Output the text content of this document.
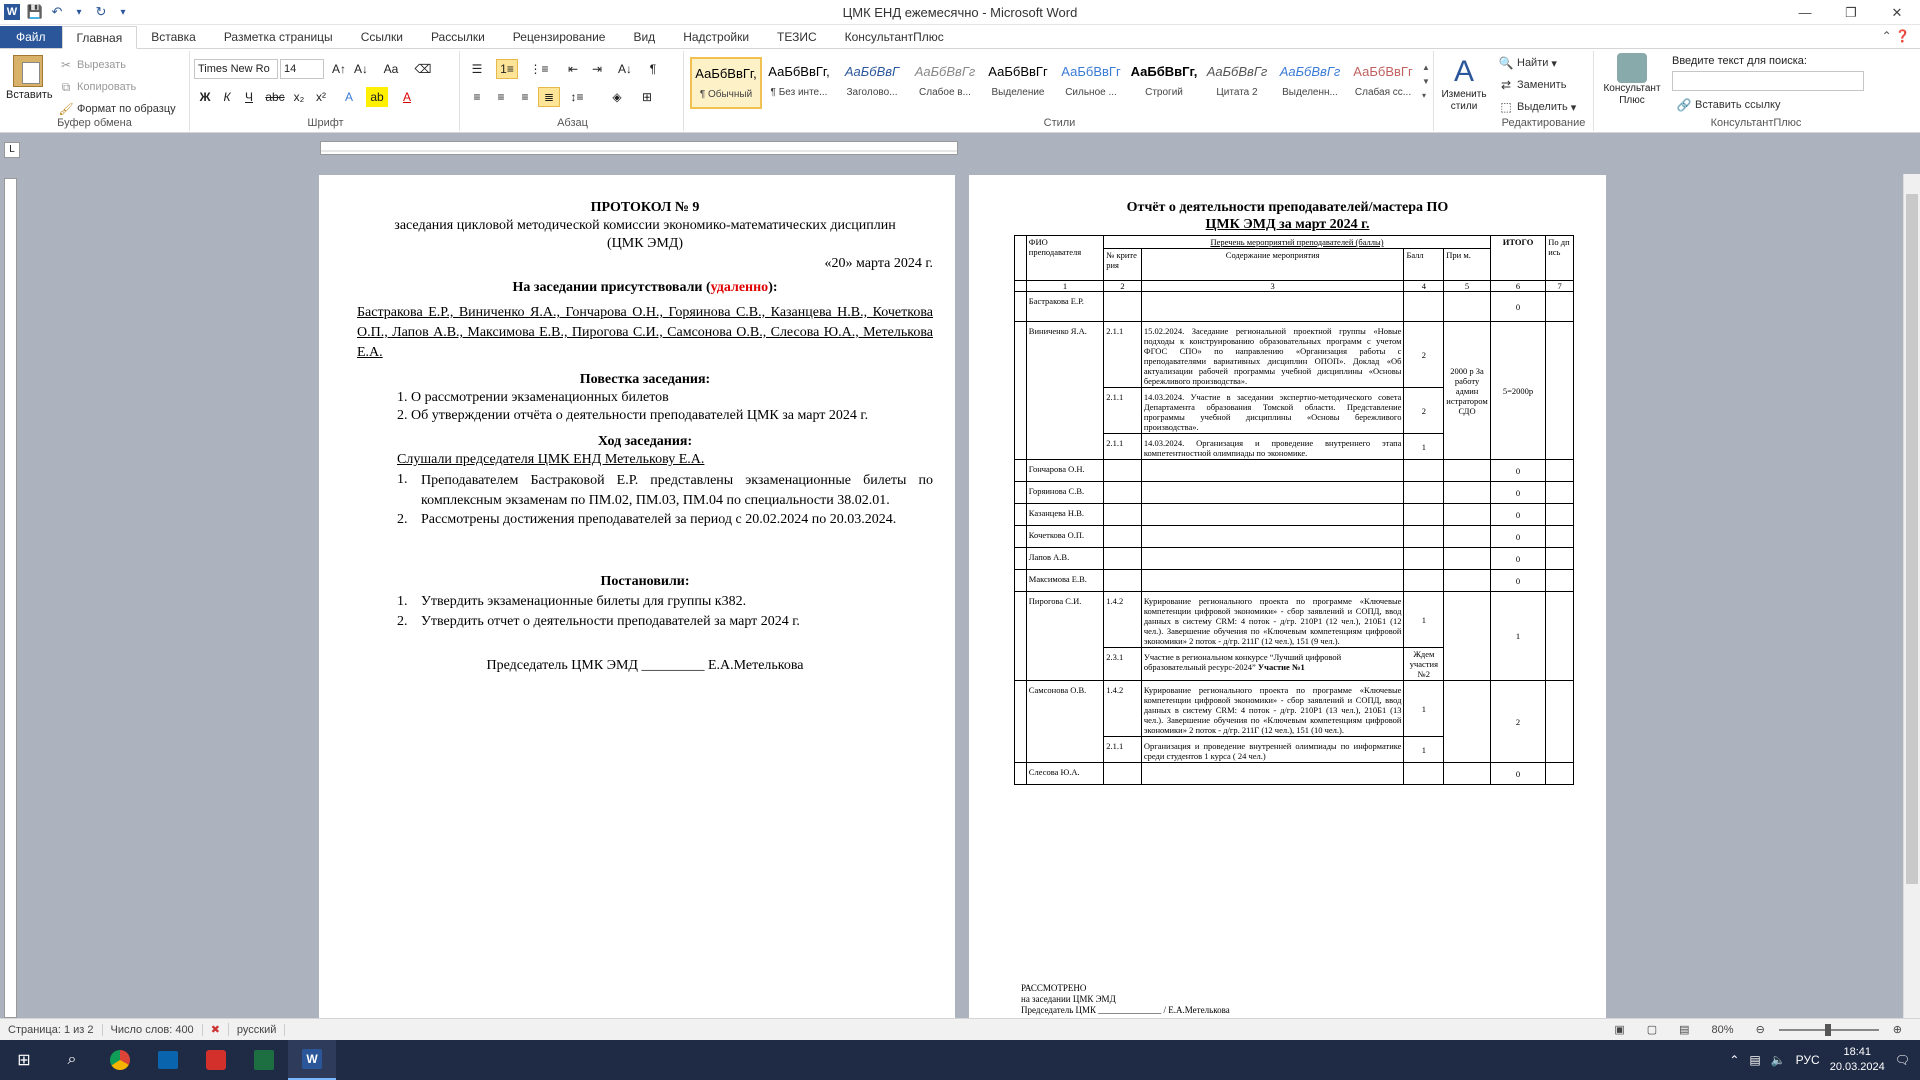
W 💾 ↶	▾	↻	▾	ЦМК ЕНД ежемесячно - Microsoft Word	—	❐	✕
Файл	Главная	Вставка	Разметка страницы	Ссылки	Рассылки	Рецензирование	Вид	Надстройки	ТЕЗИС	КонсультантПлюс	⌃ ❓
Вставить
✂ Вырезать
⧉ Копировать
🖌 Формат по образцу
Буфер обмена
Times New Ro	14	A↑ A↓	Aa	⌫
Ж	К	Ч	abc x₂ x²	A	ab	A
Шрифт
☰	1≡	⋮≡	⇤	⇥	A↓	¶
≡	≡	≡	≣	↕≡	◈	⊞
Абзац
АаБбВвГг,
¶ Обычный
АаБбВвГг,
¶ Без инте...
АаБбВвГ
Заголово...
АаБбВвГг
Слабое в...
АаБбВвГг
Выделение
АаБбВвГг
Сильное ...
АаБбВвГг,
Строгий
АаБбВвГг
Цитата 2
АаБбВвГг
Выделенн...
АаБбВвГг
Слабая сс...
▲
▼
▾
Стили
A
Изменить стили
🔍 Найти ▾
⇄ Заменить
⬚ Выделить ▾
Редактирование
Консультант Плюс
Введите текст для поиска:
🔗 Вставить ссылку
КонсультантПлюс
L
ПРОТОКОЛ № 9
заседания цикловой методической комиссии экономико-математических дисциплин
(ЦМК ЭМД)
«20» марта 2024 г.
На заседании присутствовали (удаленно):
Бастракова Е.Р., Виниченко Я.А., Гончарова О.Н., Горяинова С.В., Казанцева Н.В., Кочеткова О.П., Лапов А.В., Максимова Е.В., Пирогова С.И., Самсонова О.В., Слесова Ю.А., Метелькова Е.А.
Повестка заседания:
1. О рассмотрении экзаменационных билетов
2. Об утверждении отчёта о деятельности преподавателей ЦМК за март 2024 г.
Ход заседания:
Слушали председателя ЦМК ЕНД Метелькову Е.А.
1. Преподавателем Бастраковой Е.Р. представлены экзаменационные билеты по комплексным экзаменам по ПМ.02, ПМ.03, ПМ.04 по специальности 38.02.01.
2. Рассмотрены достижения преподавателей за период с 20.02.2024 по 20.03.2024.
Постановили:
1. Утвердить экзаменационные билеты для группы к382.
2. Утвердить отчет о деятельности преподавателей за март 2024 г.
Председатель ЦМК ЭМД _________ Е.А.Метелькова
Отчёт о деятельности преподавателей/мастера ПО
ЦМК ЭМД за март 2024 г.
	ФИО преподавателя	Перечень мероприятий преподавателей (баллы)				ИТОГО	По дп ись
		№ крите рия	Содержание мероприятия	Балл	При м.		
	1	2	3	4	5	6	7
	Бастракова Е.Р.					0	
	Виниченко Я.А.	2.1.1	15.02.2024. Заседание региональной проектной группы «Новые подходы к конструированию образовательных программ с учетом ФГОС СПО» по направлению «Организация работы с преподавателями вариативных дисциплин ОПОП». Доклад «Об актуализации рабочей программы учебной дисциплины «Основы бережливого производства».	2	2000 р За работу админ истратором СДО	5=2000р	
		2.1.1	14.03.2024. Участие в заседании экспертно-методического совета Департамента образования Томской области. Представление программы учебной дисциплины «Основы бережливого производства».	2			
		2.1.1	14.03.2024. Организация и проведение внутреннего этапа компетентностной олимпиады по экономике.	1			
	Гончарова О.Н.					0	
	Горяинова С.В.					0	
	Казанцева Н.В.					0	
	Кочеткова О.П.					0	
	Лапов А.В.					0	
	Максимова Е.В.					0	
	Пирогова С.И.	1.4.2	Курирование регионального проекта по программе «Ключевые компетенции цифровой экономики» - сбор заявлений и СОПД, ввод данных в систему CRM: 4 поток - д/гр. 210Р1 (12 чел.), 210Б1 (12 чел.). Завершение обучения по «Ключевым компетенциям цифровой экономики» 2 поток - д/гр. 211Г (12 чел.), 151 (9 чел.).	1		1	
		2.3.1	Участие в региональном конкурсе “Лучший цифровой образовательный ресурс-2024” Участие №1	Ждем участия №2			
	Самсонова О.В.	1.4.2	Курирование регионального проекта по программе «Ключевые компетенции цифровой экономики» - сбор заявлений и СОПД, ввод данных в систему CRM: 4 поток - д/гр. 210Р1 (13 чел.), 210Б1 (13 чел.). Завершение обучения по «Ключевым компетенциям цифровой экономики» 2 поток - д/гр. 211Г (12 чел.), 151 (10 чел.).	1		2	
		2.1.1	Организация и проведение внутренней олимпиады по информатике среди студентов 1 курса ( 24 чел.)	1			
	Слесова Ю.А.					0	
РАССМОТРЕНО
на заседании ЦМК ЭМД
Председатель ЦМК ______________ / Е.А.Метелькова
Страница: 1 из 2	Число слов: 400	✖	русский	▣	▢	▤	80%	⊖	⊕
⊞	⌕	W	⌃ ▤ 🔈 РУС
18:41
20.03.2024 🗨
